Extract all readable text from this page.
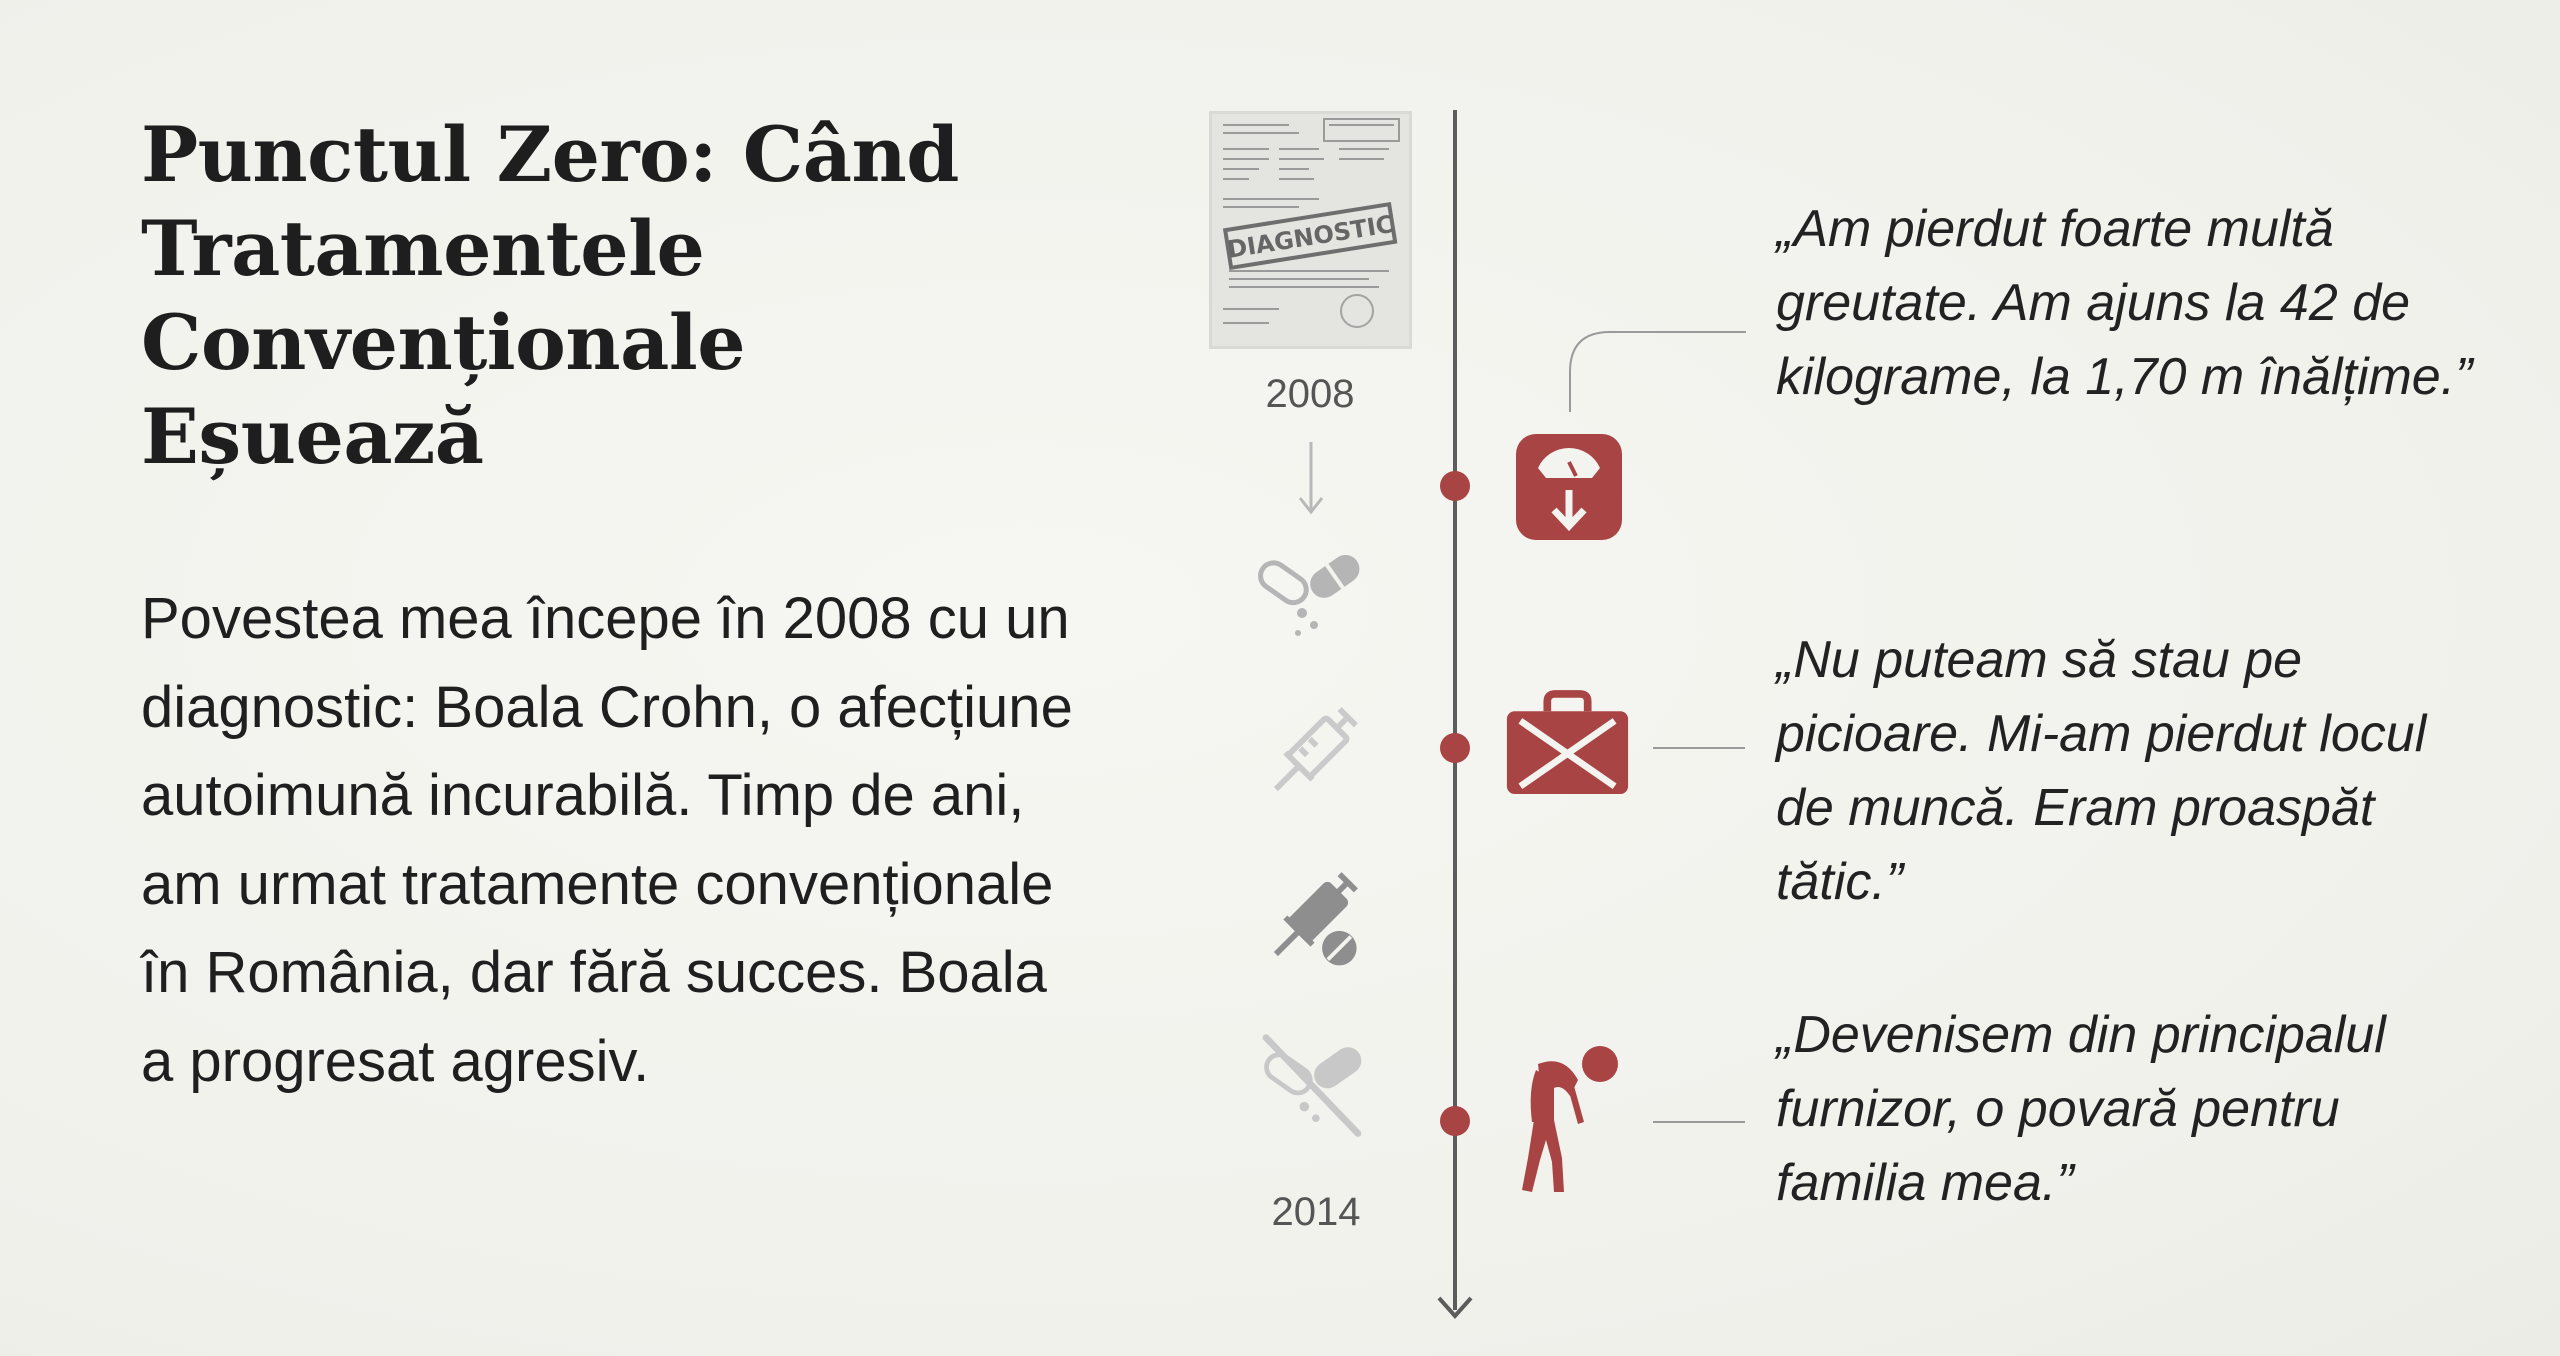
Punctul Zero: Când Tratamentele Convenționale Eșuează

Povestea mea începe în 2008 cu un diagnostic: Boala Crohn, o afecțiune autoimună incurabilă. Timp de ani, am urmat tratamente convenționale în România, dar fără succes. Boala a progresat agresiv.

DIAGNOSTIC
2008
2014

„Am pierdut foarte multă greutate. Am ajuns la 42 de kilograme, la 1,70 m înălțime.”

„Nu puteam să stau pe picioare. Mi-am pierdut locul de muncă. Eram proaspăt tătic.”

„Devenisem din principalul furnizor, o povară pentru familia mea.”
